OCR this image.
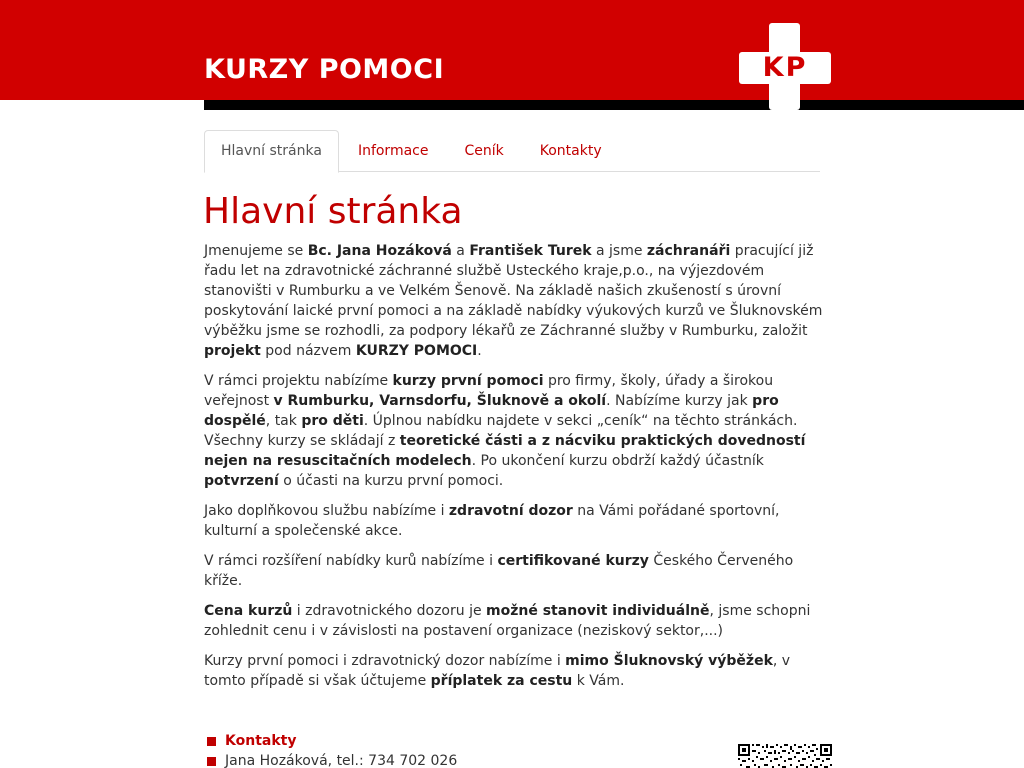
KURZY POMOCI	KP
Hlavní stránka	Informace	Ceník	Kontakty
Hlavní stránka

Jmenujeme se Bc. Jana Hozáková a František Turek a jsme záchranáři pracující již řadu let na zdravotnické záchranné službě Usteckého kraje,p.o., na výjezdovém stanovišti v Rumburku a ve Velkém Šenově. Na základě našich zkušeností s úrovní poskytování laické první pomoci a na základě nabídky výukových kurzů ve Šluknovském výběžku jsme se rozhodli, za podpory lékařů ze Záchranné služby v Rumburku, založit projekt pod názvem KURZY POMOCI.

V rámci projektu nabízíme kurzy první pomoci pro firmy, školy, úřady a širokou veřejnost v Rumburku, Varnsdorfu, Šluknově a okolí. Nabízíme kurzy jak pro dospělé, tak pro děti. Úplnou nabídku najdete v sekci „ceník“ na těchto stránkách. Všechny kurzy se skládají z teoretické části a z nácviku praktických dovedností nejen na resuscitačních modelech. Po ukončení kurzu obdrží každý účastník potvrzení o účasti na kurzu první pomoci.

Jako doplňkovou službu nabízíme i zdravotní dozor na Vámi pořádané sportovní, kulturní a společenské akce.

V rámci rozšíření nabídky kurů nabízíme i certifikované kurzy Českého Červeného kříže.

Cena kurzů i zdravotnického dozoru je možné stanovit individuálně, jsme schopni zohlednit cenu i v závislosti na postavení organizace (neziskový sektor,...)

Kurzy první pomoci i zdravotnický dozor nabízíme i mimo Šluknovský výběžek, v tomto případě si však účtujeme příplatek za cestu k Vám.

Kontakty
Jana Hozáková, tel.: 734 702 026
